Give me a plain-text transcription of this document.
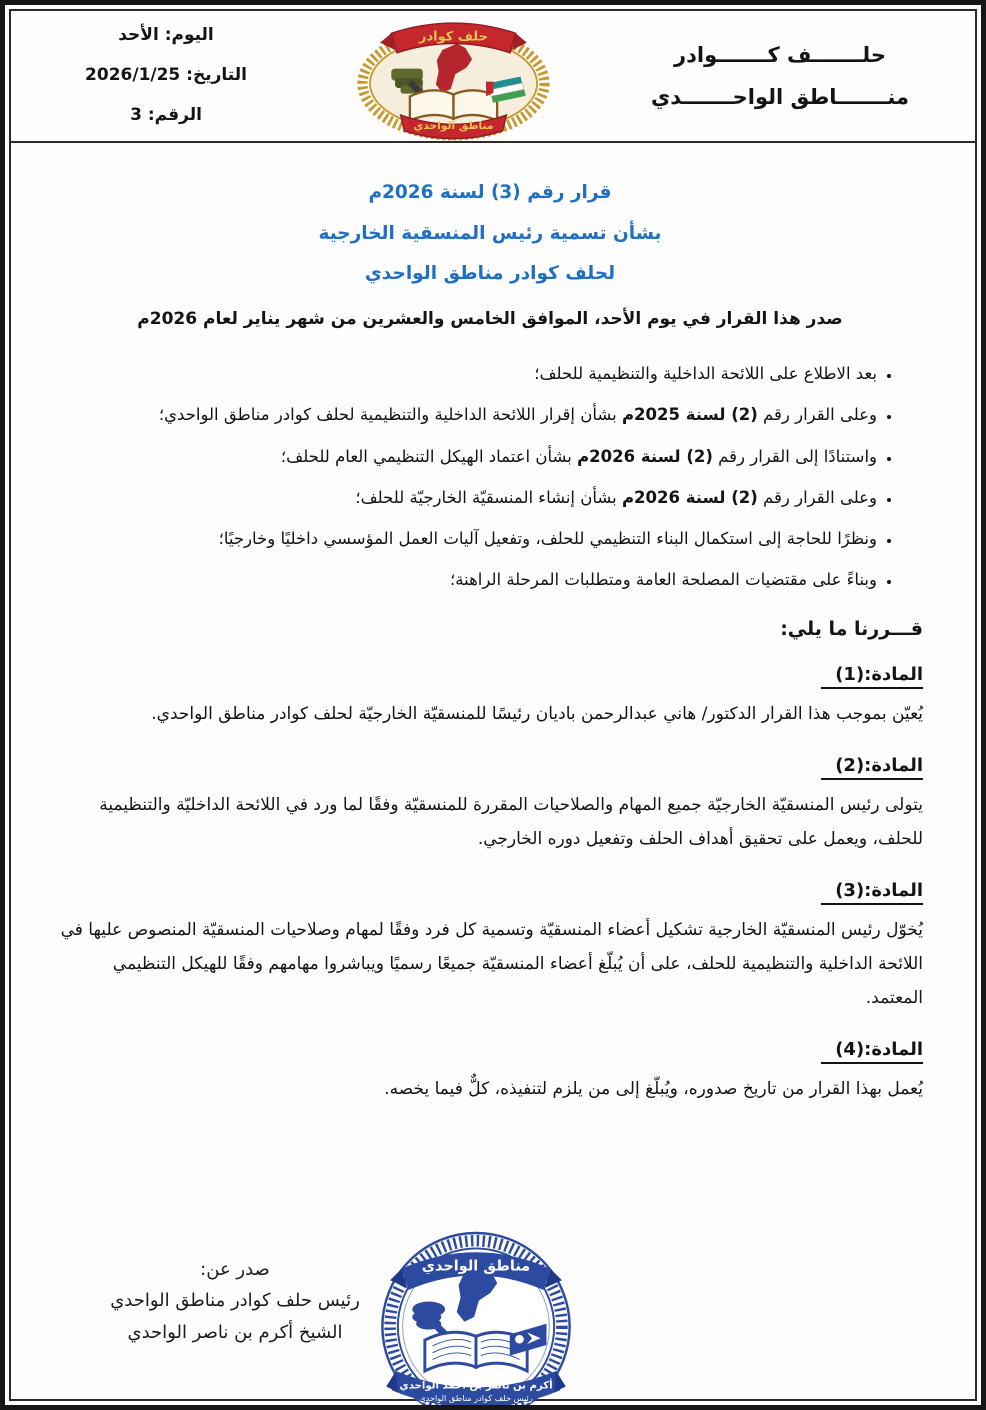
حلـــــــف كـــــــوادر
منـــــــاطق الواحـــــــدي
حلف كوادر
مناطق الواحدي
اليوم: الأحد
التاريخ: 2026/1/25
الرقم: 3
قرار رقم (3) لسنة 2026م
بشأن تسمية رئيس المنسقية الخارجية
لحلف كوادر مناطق الواحدي
صدر هذا القرار في يوم الأحد، الموافق الخامس والعشرين من شهر يناير لعام 2026م
• بعد الاطلاع على اللائحة الداخلية والتنظيمية للحلف؛
• وعلى القرار رقم (2) لسنة 2025م بشأن إقرار اللائحة الداخلية والتنظيمية لحلف كوادر مناطق الواحدي؛
• واستنادًا إلى القرار رقم (2) لسنة 2026م بشأن اعتماد الهيكل التنظيمي العام للحلف؛
• وعلى القرار رقم (2) لسنة 2026م بشأن إنشاء المنسقيّة الخارجيّة للحلف؛
• ونظرًا للحاجة إلى استكمال البناء التنظيمي للحلف، وتفعيل آليات العمل المؤسسي داخليًا وخارجيًا؛
• وبناءً على مقتضيات المصلحة العامة ومتطلبات المرحلة الراهنة؛
قـــررنا ما يلي:
المادة:(1)
يُعيّن بموجب هذا القرار الدكتور/ هاني عبدالرحمن باديان رئيسًا للمنسقيّة الخارجيّة لحلف كوادر مناطق الواحدي.
المادة:(2)
يتولى رئيس المنسقيّة الخارجيّة جميع المهام والصلاحيات المقررة للمنسقيّة وفقًا لما ورد في اللائحة الداخليّة والتنظيمية للحلف، ويعمل على تحقيق أهداف الحلف وتفعيل دوره الخارجي.
المادة:(3)
يُخوّل رئيس المنسقيّة الخارجية تشكيل أعضاء المنسقيّة وتسمية كل فرد وفقًا لمهام وصلاحيات المنسقيّة المنصوص عليها في اللائحة الداخلية والتنظيمية للحلف، على أن يُبلّغ أعضاء المنسقيّة جميعًا رسميًا ويباشروا مهامهم وفقًا للهيكل التنظيمي المعتمد.
المادة:(4)
يُعمل بهذا القرار من تاريخ صدوره، ويُبلّغ إلى من يلزم لتنفيذه، كلٌّ فيما يخصه.
صدر عن:
رئيس حلف كوادر مناطق الواحدي
الشيخ أكرم بن ناصر الواحدي
مناطق الواحدي
أكرم بن ناصر بن أحمد الواحدي
رئيس حلف كوادر مناطق الواحدي
